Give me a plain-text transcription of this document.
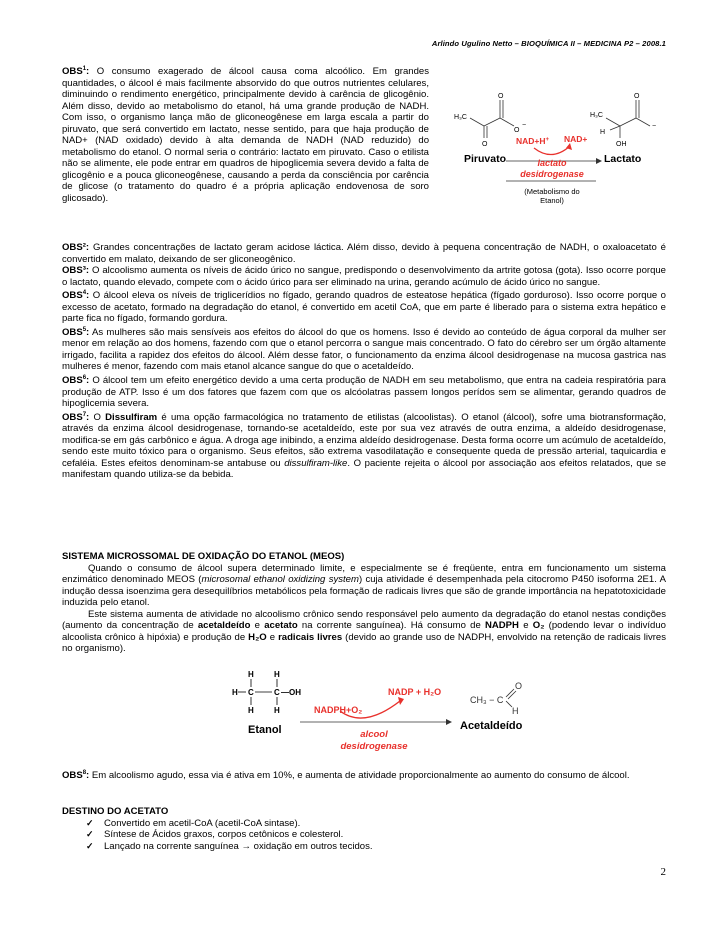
Arlindo Ugulino Netto – BIOQUÍMICA II – MEDICINA P2 – 2008.1

OBS$^1$: O consumo exagerado de álcool causa coma alcoólico. Em grandes quantidades, o álcool é mais facilmente absorvido do que outros nutrientes celulares, diminuindo o rendimento energético, principalmente devido à carência de glicogênio. Além disso, devido ao metabolismo do etanol, há uma grande produção de NADH. Com isso, o organismo lança mão de gliconeogênese em larga escala a partir do piruvato, que será convertido em lactato, nesse sentido, para que haja produção de NAD+ (NAD oxidado) devido à alta demanda de NADH (NAD reduzido) do metabolismo do etanol. O normal seria o contrário: lactato em piruvato. Caso o etilista não se alimente, ele pode entrar em quadros de hipoglicemia severa devido a falta de glicogênio e a pouca gliconeogênese, causando a perda da consciência por carência de glicose (o tratamento do quadro é a própria aplicação endovenosa de soro glicosado).

H₃C
O
O
O
−
H₃C
H
OH
O
−
NAD+H+ NAD+
Piruvato	Lactato
lactato
desidrogenase
(Metabolismo do
Etanol)

OBS²: Grandes concentrações de lactato geram acidose láctica. Além disso, devido à pequena concentração de NADH, o oxaloacetato é convertido em malato, deixando de ser gliconeogênico.

OBS³: O alcoolismo aumenta os níveis de ácido úrico no sangue, predispondo o desenvolvimento da artrite gotosa (gota). Isso ocorre porque o lactato, quando elevado, compete com o ácido úrico para ser eliminado na urina, gerando acúmulo de ácido úrico no sangue.

OBS$^4$: O álcool eleva os níveis de triglicerídios no fígado, gerando quadros de esteatose hepática (fígado gorduroso). Isso ocorre porque o excesso de acetato, formado na degradação do etanol, é convertido em acetil CoA, que em parte é liberado para o sistema extra hepático e parte fica no fígado, formando gordura.

OBS$^5$: As mulheres são mais sensíveis aos efeitos do álcool do que os homens. Isso é devido ao conteúdo de água corporal da mulher ser menor em relação ao dos homens, fazendo com que o etanol percorra o sangue mais concentrado. O fato do cérebro ser um órgão altamente irrigado, facilita a rapidez dos efeitos do álcool. Além desse fator, o funcionamento da enzima álcool desidrogenase na mucosa gastrica nas mulheres é menor, fazendo com mais etanol alcance sangue do que o acetaldeído.

OBS$^6$: O álcool tem um efeito energético devido a uma certa produção de NADH em seu metabolismo, que entra na cadeia respiratória para produção de ATP. Isso é um dos fatores que fazem com que os alcóolatras passem longos perídos sem se alimentar, gerando quadros de hipoglicemia severa.

OBS$^7$: O Dissulfiram é uma opção farmacológica no tratamento de etilistas (alcoolistas). O etanol (álcool), sofre uma biotransformação, através da enzima álcool desidrogenase, tornando-se acetaldeído, este por sua vez através de outra enzima, a aldeído desidrogenase, modifica-se em gás carbônico e água. A droga age inibindo, a enzima aldeído desidrogenase. Desta forma ocorre um acúmulo de acetaldeído, sendo este muito tóxico para o organismo. Seus efeitos, são extrema vasodilatação e consequente queda de pressão arterial, taquicardia e cefaléia. Estes efeitos denominam-se antabuse ou dissulfiram-like. O paciente rejeita o álcool por associação aos efeitos relatados, que se manifestam quando utiliza-se da bebida.

SISTEMA MICROSSOMAL DE OXIDAÇÃO DO ETANOL (MEOS)

Quando o consumo de álcool supera determinado limite, e especialmente se é freqüente, entra em funcionamento um sistema enzimático denominado MEOS (microsomal ethanol oxidizing system) cuja atividade é desempenhada pela citocromo P450 isoforma 2E1. A indução dessa isoenzima gera desequilíbrios metabólicos pela formação de radicais livres que são de grande importância na hepatotoxicidade induzida pelo etanol.

Este sistema aumenta de atividade no alcoolismo crônico sendo responsável pelo aumento da degradação do etanol nestas condições (aumento da concentração de acetaldeído e acetato na corrente sanguínea). Há consumo de NADPH e O₂ (podendo levar o indivíduo alcoolista crônico à hipóxia) e produção de H₂O e radicais livres (devido ao grande uso de NADPH, envolvido na retenção de radicais livres no organismo).

H	H
H C	C —OH
H	H
Etanol
NADPH+O₂
NADP + H₂O
alcool
desidrogenase
CH₃ − C
O
H
Acetaldeído

OBS$^8$: Em alcoolismo agudo, essa via é ativa em 10%, e aumenta de atividade proporcionalmente ao aumento do consumo de álcool.

DESTINO DO ACETATO

✓ Convertido em acetil-CoA (acetil-CoA sintase).
✓ Síntese de Ácidos graxos, corpos cetônicos e colesterol.
✓ Lançado na corrente sanguínea → oxidação em outros tecidos.
2
